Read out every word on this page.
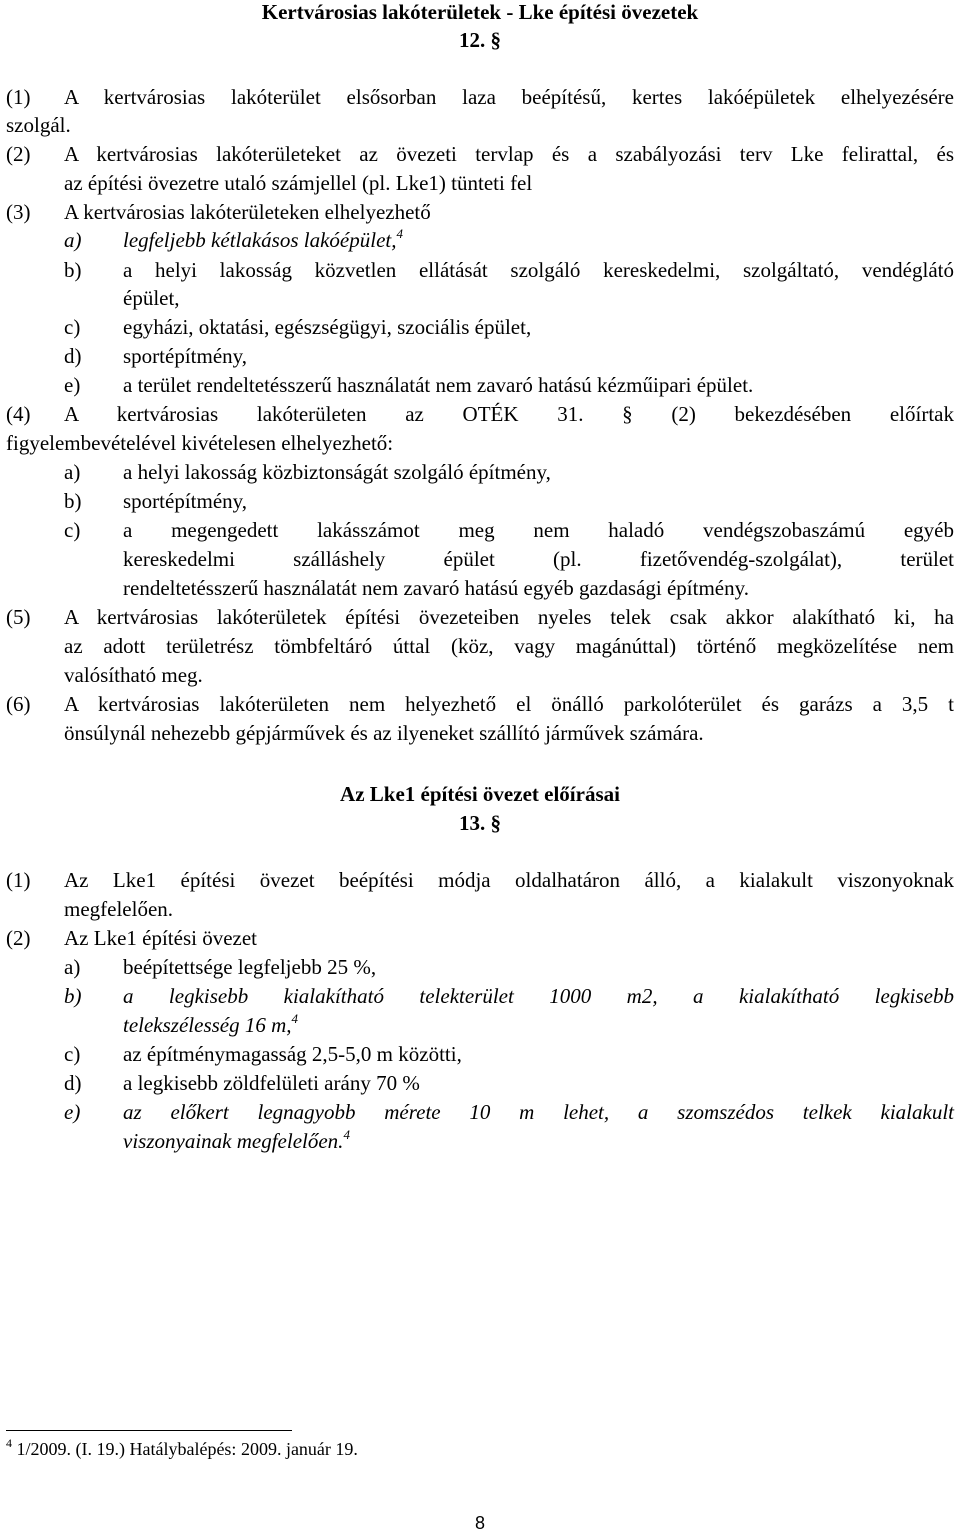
Kertvárosias lakóterületek - Lke építési övezetek
12. §
(1) A kertvárosias lakóterület elsősorban laza beépítésű, kertes lakóépületek elhelyezésére
szolgál.
(2) A kertvárosias lakóterületeket az övezeti tervlap és a szabályozási terv Lke felirattal, és
az építési övezetre utaló számjellel (pl. Lke1) tünteti fel
(3) A kertvárosias lakóterületeken elhelyezhető
a) legfeljebb kétlakásos lakóépület,$^4$
b) a helyi lakosság közvetlen ellátását szolgáló kereskedelmi, szolgáltató, vendéglátó
épület,
c) egyházi, oktatási, egészségügyi, szociális épület,
d) sportépítmény,
e) a terület rendeltetésszerű használatát nem zavaró hatású kézműipari épület.
(4) A kertvárosias lakóterületen az OTÉK 31. § (2) bekezdésében előírtak
figyelembevételével kivételesen elhelyezhető:
a) a helyi lakosság közbiztonságát szolgáló építmény,
b) sportépítmény,
c) a megengedett lakásszámot meg nem haladó vendégszobaszámú egyéb
kereskedelmi szálláshely épület (pl. fizetővendég-szolgálat), terület
rendeltetésszerű használatát nem zavaró hatású egyéb gazdasági építmény.
(5) A kertvárosias lakóterületek építési övezeteiben nyeles telek csak akkor alakítható ki, ha
az adott területrész tömbfeltáró úttal (köz, vagy magánúttal) történő megközelítése nem
valósítható meg.
(6) A kertvárosias lakóterületen nem helyezhető el önálló parkolóterület és garázs a 3,5 t
önsúlynál nehezebb gépjárművek és az ilyeneket szállító járművek számára.
Az Lke1 építési övezet előírásai
13. §
(1) Az Lke1 építési övezet beépítési módja oldalhatáron álló, a kialakult viszonyoknak
megfelelően.
(2) Az Lke1 építési övezet
a) beépítettsége legfeljebb 25 %,
b) a legkisebb kialakítható telekterület 1000 m2, a kialakítható legkisebb
telekszélesség 16 m,$^4$
c) az építménymagasság 2,5-5,0 m közötti,
d) a legkisebb zöldfelületi arány 70 %
e) az előkert legnagyobb mérete 10 m lehet, a szomszédos telkek kialakult
viszonyainak megfelelően.$^4$
$^4$ 1/2009. (I. 19.) Hatálybalépés: 2009. január 19.
8
